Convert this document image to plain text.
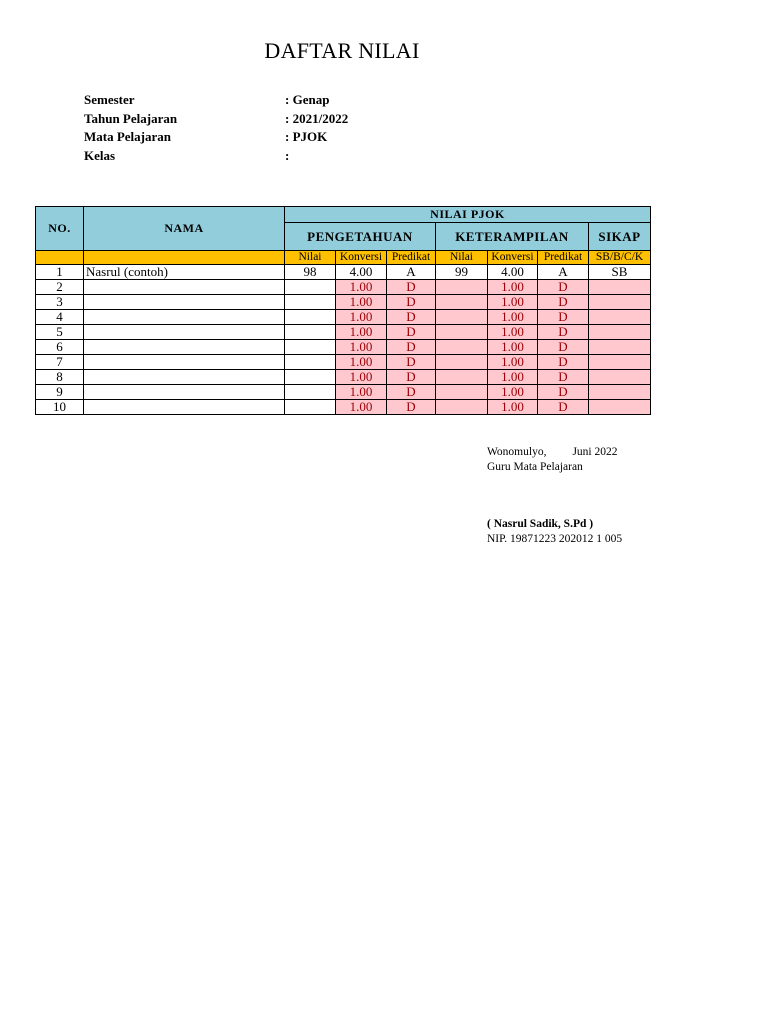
DAFTAR NILAI
Semester	: Genap
Tahun Pelajaran	: 2021/2022
Mata Pelajaran	: PJOK
Kelas	:
NO.	NAMA	NILAI PJOK						
		PENGETAHUAN			KETERAMPILAN			SIKAP
		Nilai	Konversi	Predikat	Nilai	Konversi	Predikat	SB/B/C/K
1	Nasrul (contoh)	98	4.00	A	99	4.00	A	SB
2			1.00	D		1.00	D	
3			1.00	D		1.00	D	
4			1.00	D		1.00	D	
5			1.00	D		1.00	D	
6			1.00	D		1.00	D	
7			1.00	D		1.00	D	
8			1.00	D		1.00	D	
9			1.00	D		1.00	D	
10			1.00	D		1.00	D	
Wonomulyo, Juni 2022
Guru Mata Pelajaran
( Nasrul Sadik, S.Pd )
NIP. 19871223 202012 1 005
